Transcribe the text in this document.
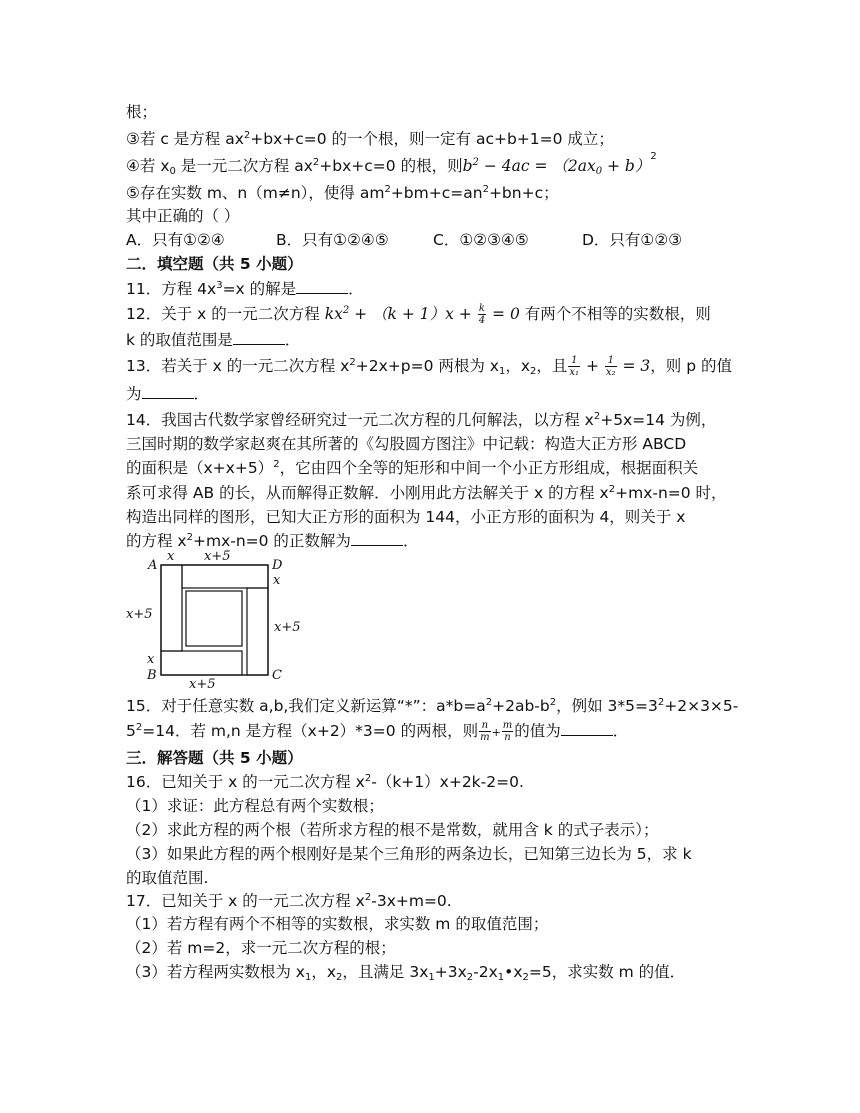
根；
③若 c 是方程 $ax^2+bx+c=0$ 的一个根，则一定有 ac+b+1=0 成立；
④若 $x_0$ 是一元二次方程 $ax^2+bx+c=0$ 的根，则$b^2 - 4ac = (2ax_0 + b)^2$
⑤存在实数 m、n（m≠n），使得 $am^2+bm+c=an^2+bn+c$；
其中正确的（ ）
A．只有①②④	B．只有①②④⑤	C．①②③④⑤	D．只有①②③
二．填空题（共 5 小题）
11．方程 $4x^3=x$ 的解是	．
12．关于 x 的一元二次方程 $kx^2 + (k + 1)x + \frac{k}{4} = 0$ 有两个不相等的实数根，则
k 的取值范围是	．
13．若关于 x 的一元二次方程 $x^2+2x+p=0$ 两根为 $x_1$，$x_2$，且 $\frac{1}{\text{x₁}} + \frac{1}{\text{x₂}} = 3$，则 p 的值
为	．
14．我国古代数学家曾经研究过一元二次方程的几何解法，以方程 $x^2+5x=14$ 为例，
三国时期的数学家赵爽在其所著的《勾股圆方图注》中记载：构造大正方形 ABCD
的面积是$(x+x+5)^2$，它由四个全等的矩形和中间一个小正方形组成，根据面积关
系可求得 AB 的长，从而解得正数解．小刚用此方法解关于 x 的方程 $x^2+mx-n=0$ 时，
构造出同样的图形，已知大正方形的面积为 144，小正方形的面积为 4，则关于 x
的方程 $x^2+mx-n=0$ 的正数解为	．
A	D
B	C
x x+5
x
x+5
x+5
x
x+5
15．对于任意实数 a,b,我们定义新运算“*”：$a*b=a^2+2ab-b^2$，例如 $3*5=3^2+2\times 3\times 5-$
$5^2=14$．若 m,n 是方程（x+2）*3=0 的两根，则 $\frac{n}{m} + \frac{m}{n}$ 的值为	．
三．解答题（共 5 小题）
16．已知关于 x 的一元二次方程 $x^2-(k+1)x+2k-2=0$.
（1）求证：此方程总有两个实数根；
（2）求此方程的两个根（若所求方程的根不是常数，就用含 k 的式子表示）；
（3）如果此方程的两个根刚好是某个三角形的两条边长，已知第三边长为 5，求 k
的取值范围.
17．已知关于 x 的一元二次方程 $x^2-3x+m=0$.
（1）若方程有两个不相等的实数根，求实数 m 的取值范围；
（2）若 m=2，求一元二次方程的根；
（3）若方程两实数根为 $x_1$，$x_2$，且满足 $3x_1+3x_2-2x_1•x_2=5$，求实数 m 的值．
